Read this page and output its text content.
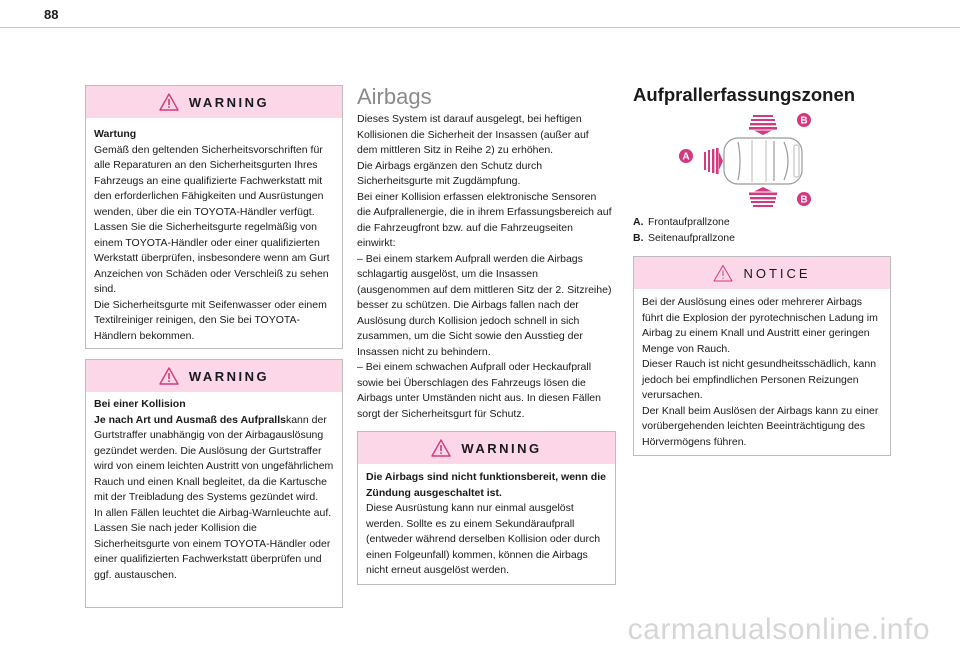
88
WARNING
Wartung
Gemäß den geltenden Sicherheitsvorschriften für alle Reparaturen an den Sicherheitsgurten Ihres Fahrzeugs an eine qualifizierte Fachwerkstatt mit den erforderlichen Fähigkeiten und Ausrüstungen wenden, über die ein TOYOTA-Händler verfügt.
Lassen Sie die Sicherheitsgurte regelmäßig von einem TOYOTA-Händler oder einer qualifizierten Werkstatt überprüfen, insbesondere wenn am Gurt Anzeichen von Schäden oder Verschleiß zu sehen sind.
Die Sicherheitsgurte mit Seifenwasser oder einem Textilreiniger reinigen, den Sie bei TOYOTA-Händlern bekommen.
WARNING
Bei einer Kollision
Je nach Art und Ausmaß des Aufprallskann der Gurtstraffer unabhängig von der Airbagauslösung gezündet werden. Die Auslösung der Gurtstraffer wird von einem leichten Austritt von ungefährlichem Rauch und einen Knall begleitet, da die Kartusche mit der Treibladung des Systems gezündet wird.
In allen Fällen leuchtet die Airbag-Warnleuchte auf.
Lassen Sie nach jeder Kollision die Sicherheitsgurte von einem TOYOTA-Händler oder einer qualifizierten Fachwerkstatt überprüfen und ggf. austauschen.
Airbags
Dieses System ist darauf ausgelegt, bei heftigen Kollisionen die Sicherheit der Insassen (außer auf dem mittleren Sitz in Reihe 2) zu erhöhen.
Die Airbags ergänzen den Schutz durch Sicherheitsgurte mit Zugdämpfung.
Bei einer Kollision erfassen elektronische Sensoren die Aufprallenergie, die in ihrem Erfassungsbereich auf die Fahrzeugfront bzw. auf die Fahrzeugseiten einwirkt:
– Bei einem starkem Aufprall werden die Airbags schlagartig ausgelöst, um die Insassen (ausgenommen auf dem mittleren Sitz der 2. Sitzreihe) besser zu schützen. Die Airbags fallen nach der Auslösung durch Kollision jedoch schnell in sich zusammen, um die Sicht sowie den Ausstieg der Insassen nicht zu behindern.
– Bei einem schwachen Aufprall oder Heckaufprall sowie bei Überschlagen des Fahrzeugs lösen die Airbags unter Umständen nicht aus. In diesen Fällen sorgt der Sicherheitsgurt für Schutz.
WARNING
Die Airbags sind nicht funktionsbereit, wenn die Zündung ausgeschaltet ist.
Diese Ausrüstung kann nur einmal ausgelöst werden. Sollte es zu einem Sekundäraufprall (entweder während derselben Kollision oder durch einen Folgeunfall) kommen, können die Airbags nicht erneut ausgelöst werden.
Aufprallerfassungszonen
A
B
B
A. Frontaufprallzone
B. Seitenaufprallzone
NOTICE
Bei der Auslösung eines oder mehrerer Airbags führt die Explosion der pyrotechnischen Ladung im Airbag zu einem Knall und Austritt einer geringen Menge von Rauch.
Dieser Rauch ist nicht gesundheitsschädlich, kann jedoch bei empfindlichen Personen Reizungen verursachen.
Der Knall beim Auslösen der Airbags kann zu einer vorübergehenden leichten Beeinträchtigung des Hörvermögens führen.
carmanualsonline.info
